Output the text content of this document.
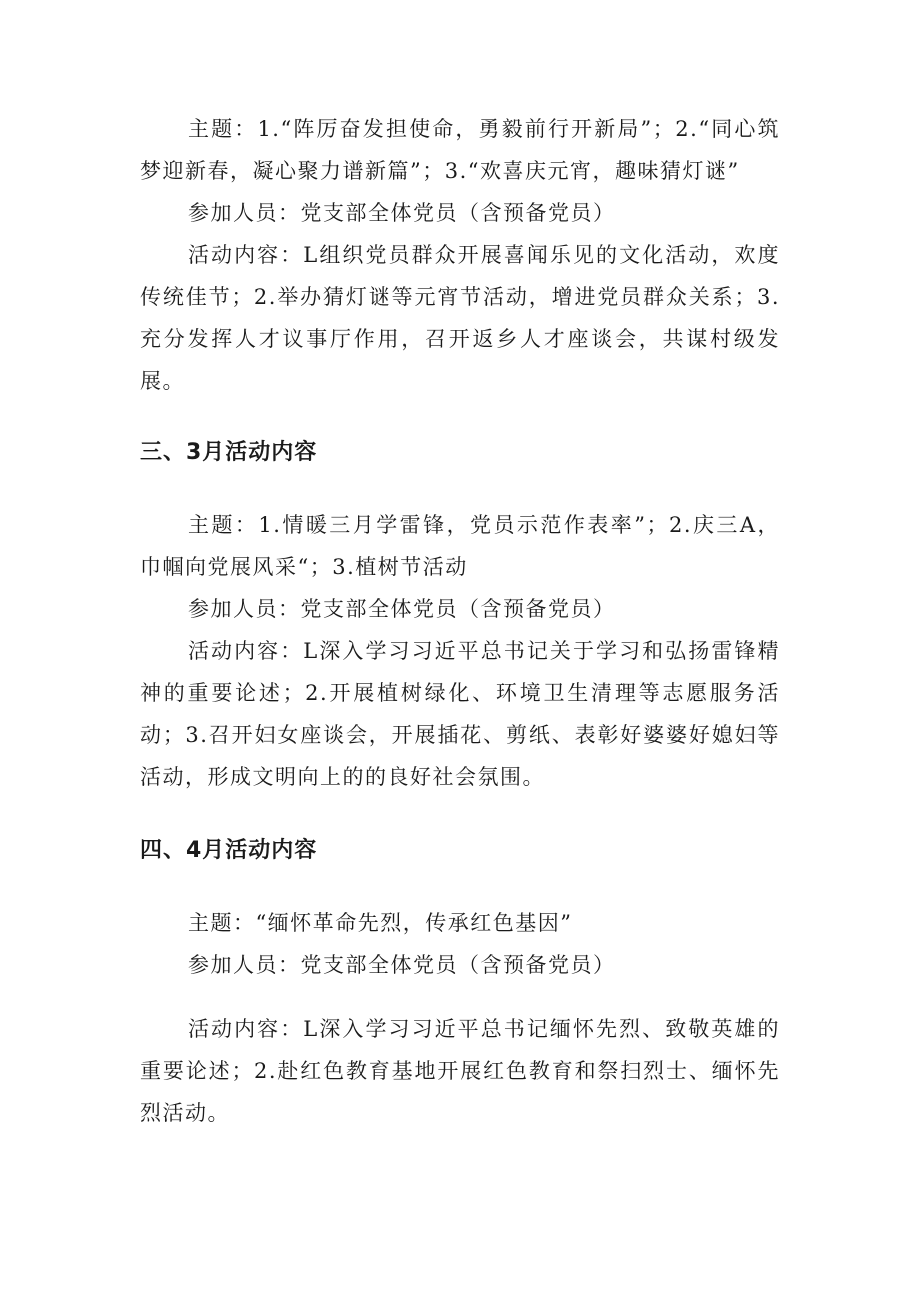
主题：1.“阵厉奋发担使命，勇毅前行开新局”；2.“同心筑梦迎新春，凝心聚力谱新篇”；3.“欢喜庆元宵，趣味猜灯谜”

参加人员：党支部全体党员（含预备党员）

活动内容：L组织党员群众开展喜闻乐见的文化活动，欢度传统佳节；2.举办猜灯谜等元宵节活动，增进党员群众关系；3.充分发挥人才议事厅作用，召开返乡人才座谈会，共谋村级发展。

三、3月活动内容

主题：1.情暖三月学雷锋，党员示范作表率”；2.庆三A，巾帼向党展风采“；3.植树节活动

参加人员：党支部全体党员（含预备党员）

活动内容：L深入学习习近平总书记关于学习和弘扬雷锋精神的重要论述；2.开展植树绿化、环境卫生清理等志愿服务活动；3.召开妇女座谈会，开展插花、剪纸、表彰好婆婆好媳妇等活动，形成文明向上的的良好社会氛围。

四、4月活动内容

主题：“缅怀革命先烈，传承红色基因”

参加人员：党支部全体党员（含预备党员）

活动内容：L深入学习习近平总书记缅怀先烈、致敬英雄的重要论述；2.赴红色教育基地开展红色教育和祭扫烈士、缅怀先烈活动。
